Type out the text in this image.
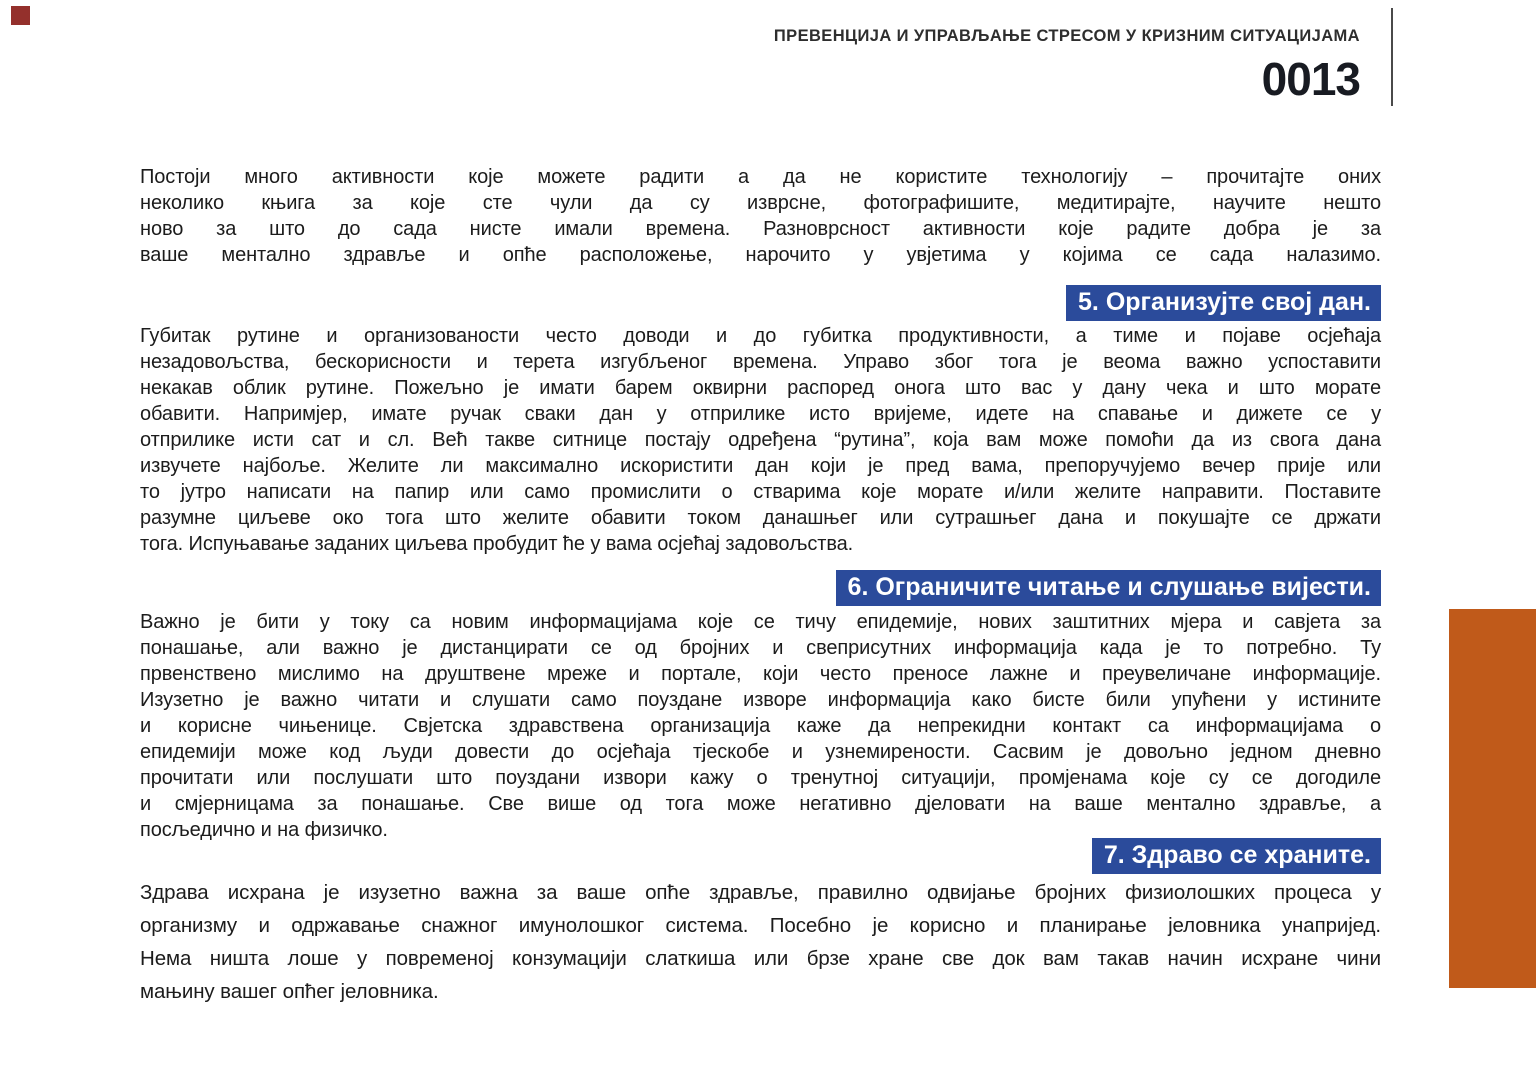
ПРЕВЕНЦИЈА И УПРАВЉАЊЕ СТРЕСОМ У КРИЗНИМ СИТУАЦИЈАМА
0013
Постоји много активности које можете радити а да не користите технологију – прочитајте оних
неколико књига за које сте чули да су изврсне, фотографишите, медитирајте, научите нешто
ново за што до сада нисте имали времена. Разноврсност активности које радите добра је за
ваше ментално здравље и опће расположење, нарочито у увјетима у којима се сада налазимо.
5. Организујте свој дан.
Губитак рутине и организованости често доводи и до губитка продуктивности, а тиме и појаве осјећаја
незадовољства, бескорисности и терета изгубљеног времена. Управо због тога је веома важно успоставити
некакав облик рутине. Пожељно је имати барем оквирни распоред онога што вас у дану чека и што морате
обавити. Напримјер, имате ручак сваки дан у отприлике исто вријеме, идете на спавање и дижете се у
отприлике исти сат и сл. Већ такве ситнице постају одређена “рутина”, која вам може помоћи да из свога дана
извучете најбоље. Желите ли максимално искористити дан који је пред вама, препоручујемо вечер прије или
то јутро написати на папир или само промислити о стварима које морате и/или желите направити. Поставите
разумне циљеве око тога што желите обавити током данашњег или сутрашњег дана и покушајте се држати
тога. Испуњавање заданих циљева пробудит ће у вама осјећај задовољства.
6. Ограничите читање и слушање вијести.
Важно је бити у току са новим информацијама које се тичу епидемије, нових заштитних мјера и савјета за
понашање, али важно је дистанцирати се од бројних и свеприсутних информација када је то потребно. Ту
првенствено мислимо на друштвене мреже и портале, који често преносе лажне и преувеличане информације.
Изузетно је важно читати и слушати само поуздане изворе информација како бисте били упућени у истините
и корисне чињенице. Свјетска здравствена организација каже да непрекидни контакт са информацијама о
епидемији може код људи довести до осјећаја тјескобе и узнемирености. Сасвим је довољно једном дневно
прочитати или послушати што поуздани извори кажу о тренутној ситуацији, промјенама које су се догодиле
и смјерницама за понашање. Све више од тога може негативно дјеловати на ваше ментално здравље, а
посљедично и на физичко.
7. Здраво се храните.
Здрава исхрана је изузетно важна за ваше опће здравље, правилно одвијање бројних физиолошких процеса у
организму и одржавање снажног имунолошког система. Посебно је корисно и планирање јеловника унапријед.
Нема ништа лоше у повременој конзумацији слаткиша или брзе хране све док вам такав начин исхране чини
мањину вашег опћег јеловника.
